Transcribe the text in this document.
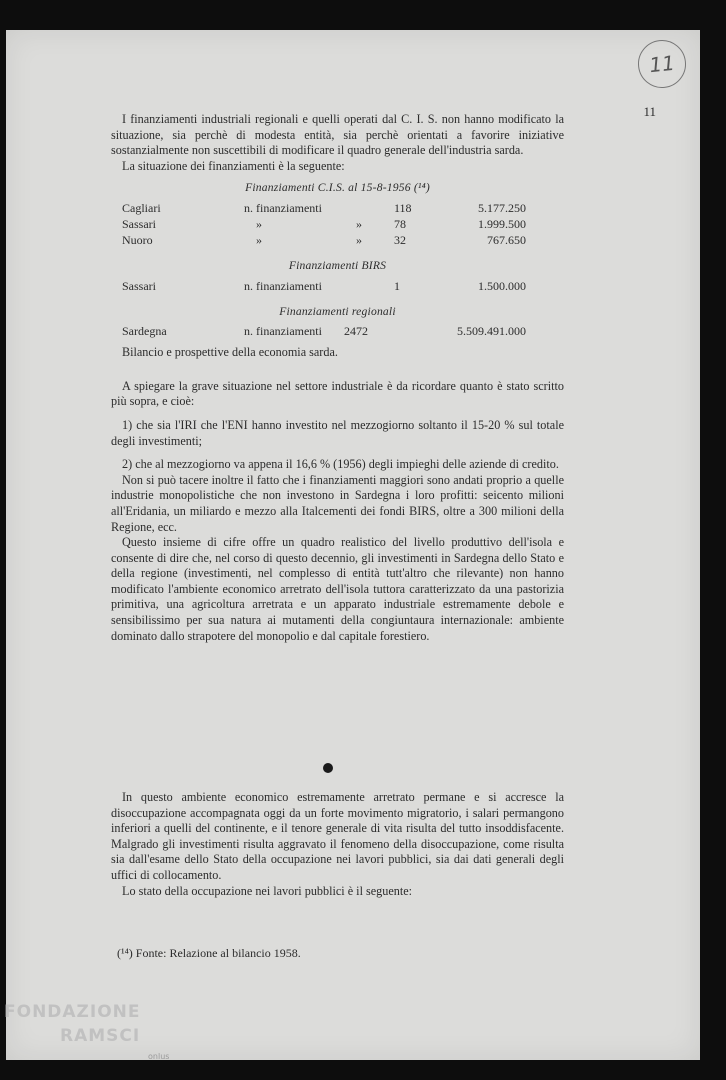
11
11

I finanziamenti industriali regionali e quelli operati dal C. I. S. non hanno modificato la situazione, sia perchè di modesta entità, sia perchè orientati a favorire iniziative sostanzialmente non suscettibili di modificare il quadro generale dell'industria sarda.

La situazione dei finanziamenti è la seguente:

Finanziamenti C.I.S. al 15-8-1956 (¹⁴)
Cagliari	n. finanziamenti	118	5.177.250
Sassari	»	»	78	1.999.500
Nuoro	»	»	32	767.650
Finanziamenti BIRS
Sassari	n. finanziamenti	1	1.500.000
Finanziamenti regionali
Sardegna	n. finanziamenti	2472	5.509.491.000

Bilancio e prospettive della economia sarda.

A spiegare la grave situazione nel settore industriale è da ricordare quanto è stato scritto più sopra, e cioè:

1) che sia l'IRI che l'ENI hanno investito nel mezzogiorno soltanto il 15-20 % sul totale degli investimenti;

2) che al mezzogiorno va appena il 16,6 % (1956) degli impieghi delle aziende di credito.

Non si può tacere inoltre il fatto che i finanziamenti maggiori sono andati proprio a quelle industrie monopolistiche che non investono in Sardegna i loro profitti: seicento milioni all'Eridania, un miliardo e mezzo alla Italcementi dei fondi BIRS, oltre a 300 milioni della Regione, ecc.

Questo insieme di cifre offre un quadro realistico del livello produttivo dell'isola e consente di dire che, nel corso di questo decennio, gli investimenti in Sardegna dello Stato e della regione (investimenti, nel complesso di entità tutt'altro che rilevante) non hanno modificato l'ambiente economico arretrato dell'isola tuttora caratterizzato da una pastorizia primitiva, una agricoltura arretrata e un apparato industriale estremamente debole e sensibilissimo per sua natura ai mutamenti della congiuntaura internazionale: ambiente dominato dallo strapotere del monopolio e dal capitale forestiero.

In questo ambiente economico estremamente arretrato permane e si accresce la disoccupazione accompagnata oggi da un forte movimento migratorio, i salari permangono inferiori a quelli del continente, e il tenore generale di vita risulta del tutto insoddisfacente. Malgrado gli investimenti risulta aggravato il fenomeno della disoccupazione, come risulta sia dall'esame dello Stato della occupazione nei lavori pubblici, sia dai dati generali degli uffici di collocamento.

Lo stato della occupazione nei lavori pubblici è il seguente:

(¹⁴) Fonte: Relazione al bilancio 1958.
FONDAZIONE
RAMSCI
onlus
